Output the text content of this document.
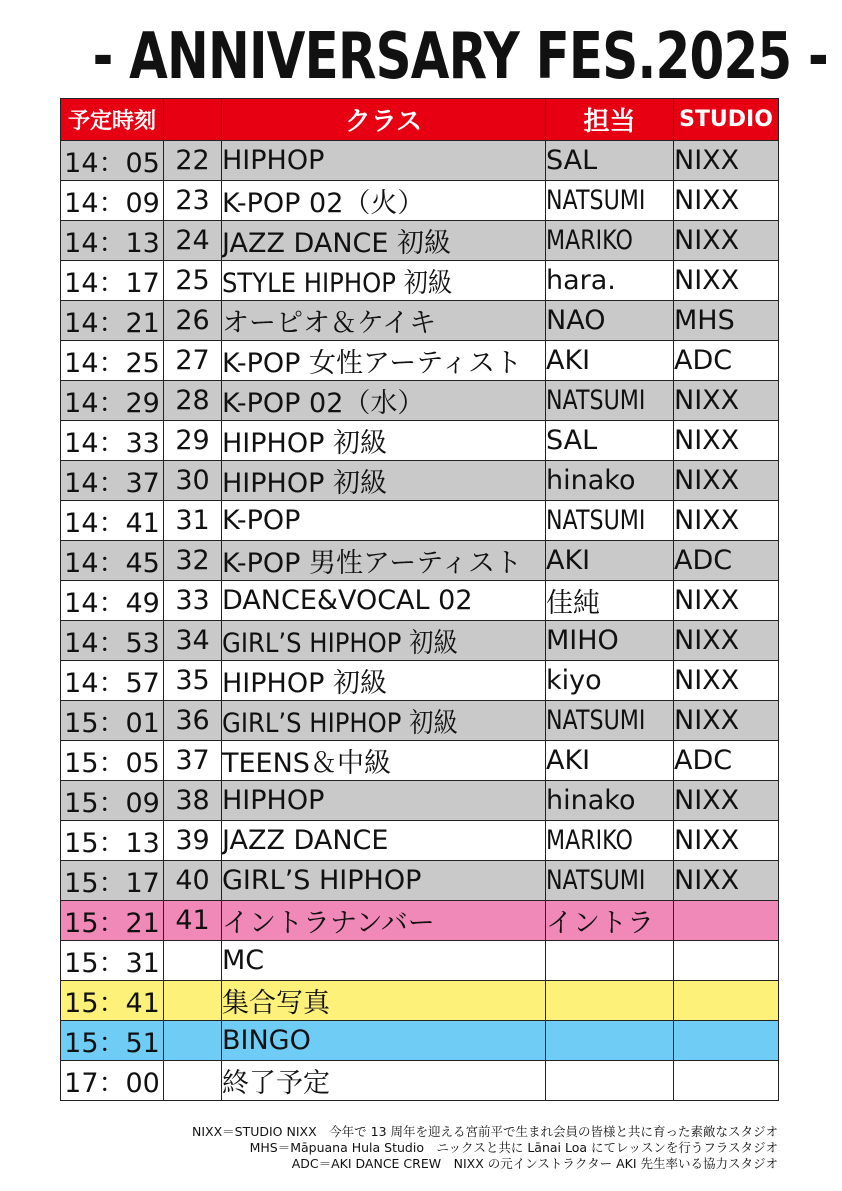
- ANNIVERSARY FES.2025 -
予定時刻		クラス	担当	STUDIO
14：05	22	HIPHOP	SAL	NIXX
14：09	23	K-POP 02（火）	NATSUMI	NIXX
14：13	24	JAZZ DANCE 初級	MARIKO	NIXX
14：17	25	STYLE HIPHOP 初級	hara.	NIXX
14：21	26	オーピオ＆ケイキ	NAO	MHS
14：25	27	K-POP 女性アーティスト	AKI	ADC
14：29	28	K-POP 02（水）	NATSUMI	NIXX
14：33	29	HIPHOP 初級	SAL	NIXX
14：37	30	HIPHOP 初級	hinako	NIXX
14：41	31	K-POP	NATSUMI	NIXX
14：45	32	K-POP 男性アーティスト	AKI	ADC
14：49	33	DANCE&VOCAL 02	佳純	NIXX
14：53	34	GIRL’S HIPHOP 初級	MIHO	NIXX
14：57	35	HIPHOP 初級	kiyo	NIXX
15：01	36	GIRL’S HIPHOP 初級	NATSUMI	NIXX
15：05	37	TEENS＆中級	AKI	ADC
15：09	38	HIPHOP	hinako	NIXX
15：13	39	JAZZ DANCE	MARIKO	NIXX
15：17	40	GIRL’S HIPHOP	NATSUMI	NIXX
15：21	41	イントラナンバー	イントラ	
15：31		MC		
15：41		集合写真		
15：51		BINGO		
17：00		終了予定		
NIXX＝STUDIO NIXX　今年で 13 周年を迎える宮前平で生まれ会員の皆様と共に育った素敵なスタジオ
MHS＝Māpuana Hula Studio　ニックスと共に Lānai Loa にてレッスンを行うフラスタジオ
ADC＝AKI DANCE CREW　NIXX の元インストラクター AKI 先生率いる協力スタジオ
